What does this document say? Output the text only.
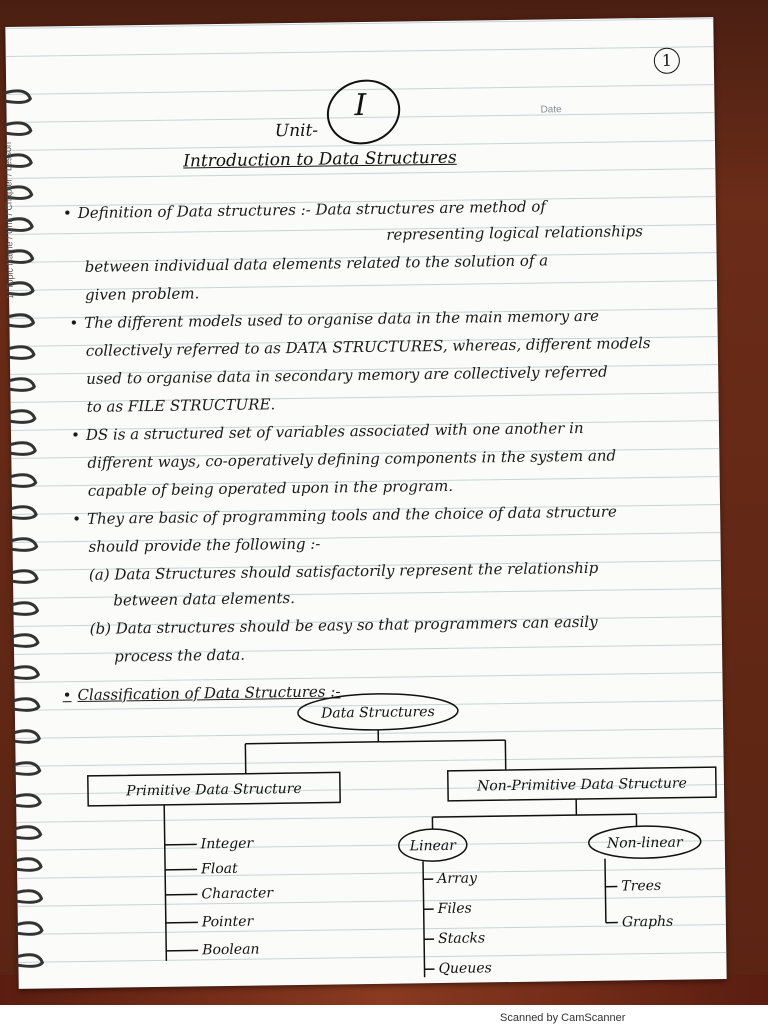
1
Date
1/ Topic Name / Unit / Chapter / Lesson
I
Unit-
Introduction to Data Structures
• Definition of Data structures :- Data structures are method of
representing logical relationships
between individual data elements related to the solution of a
given problem.
• The different models used to organise data in the main memory are
collectively referred to as DATA STRUCTURES, whereas, different models
used to organise data in secondary memory are collectively referred
to as FILE STRUCTURE.
• DS is a structured set of variables associated with one another in
different ways, co-operatively defining components in the system and
capable of being operated upon in the program.
• They are basic of programming tools and the choice of data structure
should provide the following :-
(a) Data Structures should satisfactorily represent the relationship
between data elements.
(b) Data structures should be easy so that programmers can easily
process the data.
• Classification of Data Structures :-
Data Structures
Primitive Data Structure	Non-Primitive Data Structure
Integer
Float
Character
Pointer
Boolean
Linear	Non-linear
Array
Files
Stacks
Queues
Trees
Graphs
Scanned by CamScanner
